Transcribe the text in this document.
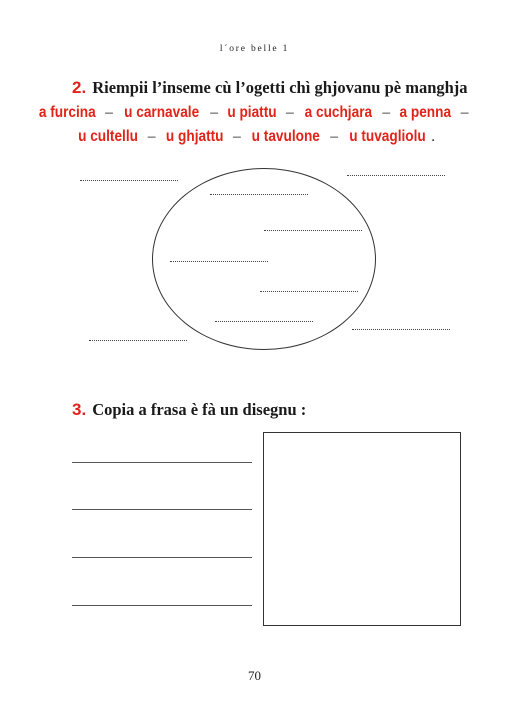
l´ore belle 1
2. Riempii l’inseme cù l’ogetti chì ghjovanu pè manghja
a furcina – u carnavale – u piattu – a cuchjara – a penna –
u cultellu – u ghjattu – u tavulone – u tuvagliolu .
3. Copia a frasa è fà un disegnu :
70
